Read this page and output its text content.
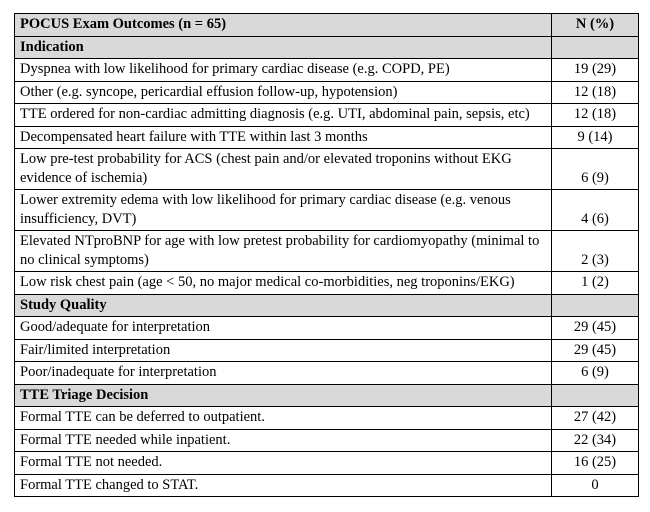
POCUS Exam Outcomes (n = 65)	N (%)
Indication	
Dyspnea with low likelihood for primary cardiac disease (e.g. COPD, PE)	19 (29)
Other (e.g. syncope, pericardial effusion follow-up, hypotension)	12 (18)
TTE ordered for non-cardiac admitting diagnosis (e.g. UTI, abdominal pain, sepsis, etc)	12 (18)
Decompensated heart failure with TTE within last 3 months	9 (14)
Low pre-test probability for ACS (chest pain and/or elevated troponins without EKG evidence of ischemia)	6 (9)
Lower extremity edema with low likelihood for primary cardiac disease (e.g. venous insufficiency, DVT)	4 (6)
Elevated NTproBNP for age with low pretest probability for cardiomyopathy (minimal to no clinical symptoms)	2 (3)
Low risk chest pain (age < 50, no major medical co-morbidities, neg troponins/EKG)	1 (2)
Study Quality	
Good/adequate for interpretation	29 (45)
Fair/limited interpretation	29 (45)
Poor/inadequate for interpretation	6 (9)
TTE Triage Decision	
Formal TTE can be deferred to outpatient.	27 (42)
Formal TTE needed while inpatient.	22 (34)
Formal TTE not needed.	16 (25)
Formal TTE changed to STAT.	0
